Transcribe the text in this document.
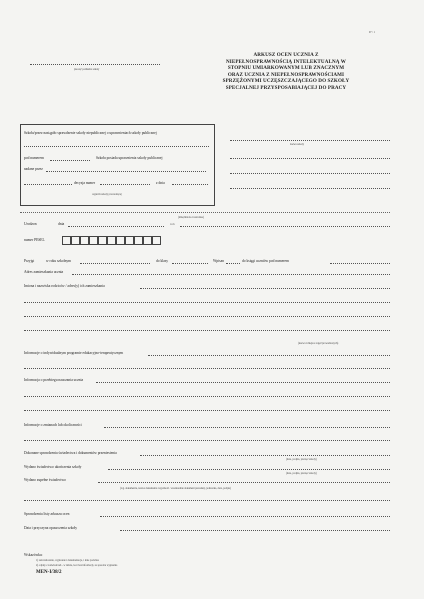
97 / 1
pieczęć podłużna szkoły
ARKUSZ OCEN UCZNIA Z NIEPEŁNOSPRAWNOŚCIĄ INTELEKTUALNĄ W STOPNIU UMIARKOWANYM LUB ZNACZNYM ORAZ UCZNIA Z NIEPEŁNOSPRAWNOŚCIAMI SPRZĘŻONYMI UCZĘSZCZAJĄCEGO DO SZKOŁY SPECJALNEJ PRZYSPOSABIAJĄCEJ DO PRACY
nazwa szkoły
Szkoła/przez nastąpiło sprawdzenie szkoły niepublicznej o uprawnieniach szkoły publicznej
pod numerem	Szkoła posiada uprawnienia szkoły publicznej
nadane przez
decyzja numer	z dnia
organ/m szkoły prowadzącej
(imię/imiona i nazwisko)
Urodzon	dnia	w m
numer PESEL
Przyjęt	w roku szkolnym	do klasy	Wpisan	do księgi uczniów pod numerem
Adres zamieszkania ucznia
Imiona i nazwiska rodziców / adres(y) ich zamieszkania
(nazwa i miejsce zajęć/prowadzonych)
Informacje o indywidualnym programie edukacyjno-terapeutycznym
Informacja o przebiegu nauczania ucznia
Informacje o zmianach lub okoliczności
Dokonane sprawdzenia świadectwa i dokumentów przeniesienia
(data, podpis, pieczęć szkoły)
Wydano świadectwo ukończenia szkoły
(data, podpis, pieczęć szkoły)
Wydano zupełne świadectwo
(wg. dokumentu, nazwa dokumentu i zgodność / ewentualnie dokument przesłany, jednostka, data, podpis)
Sprawdzenia listy arkuszu ocen
Data i przyczyna opuszczenia szkoły
Wskazówka:
1) zaświadczenie, wypisanie i dokumentacja, i inne podobne
2) odpisy z zaświadczeń - w dziale, lecz bez informacji, ze sposobu wypisania
MEN-I/38/2
